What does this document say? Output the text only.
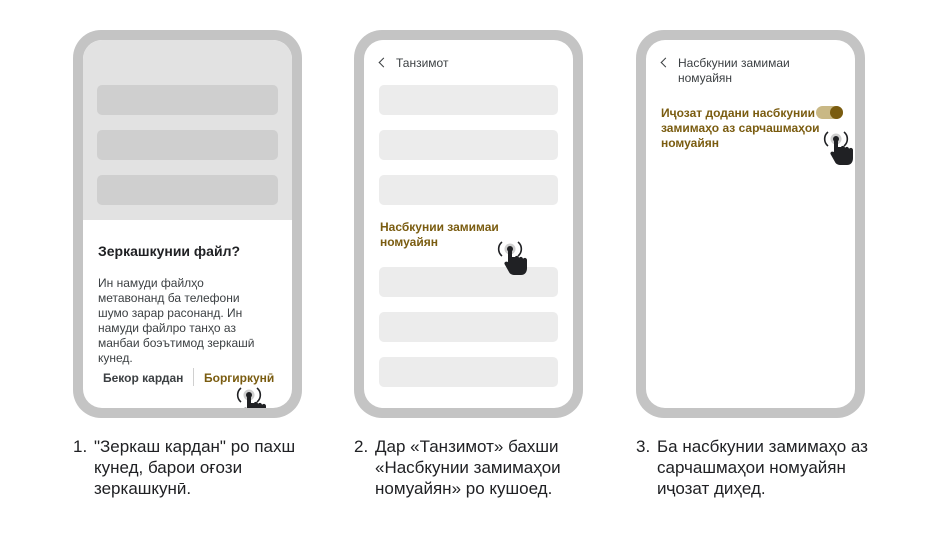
Зеркашкунии файл?
Ин намуди файлҳо метавонанд ба телефони шумо зарар расонанд. Ин намуди файлро танҳо аз манбаи боэътимод зеркашӣ кунед.
Бекор кардан Боргиркунӣ
Танзимот
Насбкунии замимаи номуайян
Насбкунии замимаи номуайян
Иҷозат додани насбкунии замимаҳо аз сарчашмаҳои номуайян
1. "Зеркаш кардан" ро пахш кунед, барои оғози зеркашкунӣ.
2. Дар «Танзимот» бахши «Насбкунии замимаҳои номуайян» ро кушоед.
3. Ба насбкунии замимаҳо аз сарчашмаҳои номуайян иҷозат диҳед.
